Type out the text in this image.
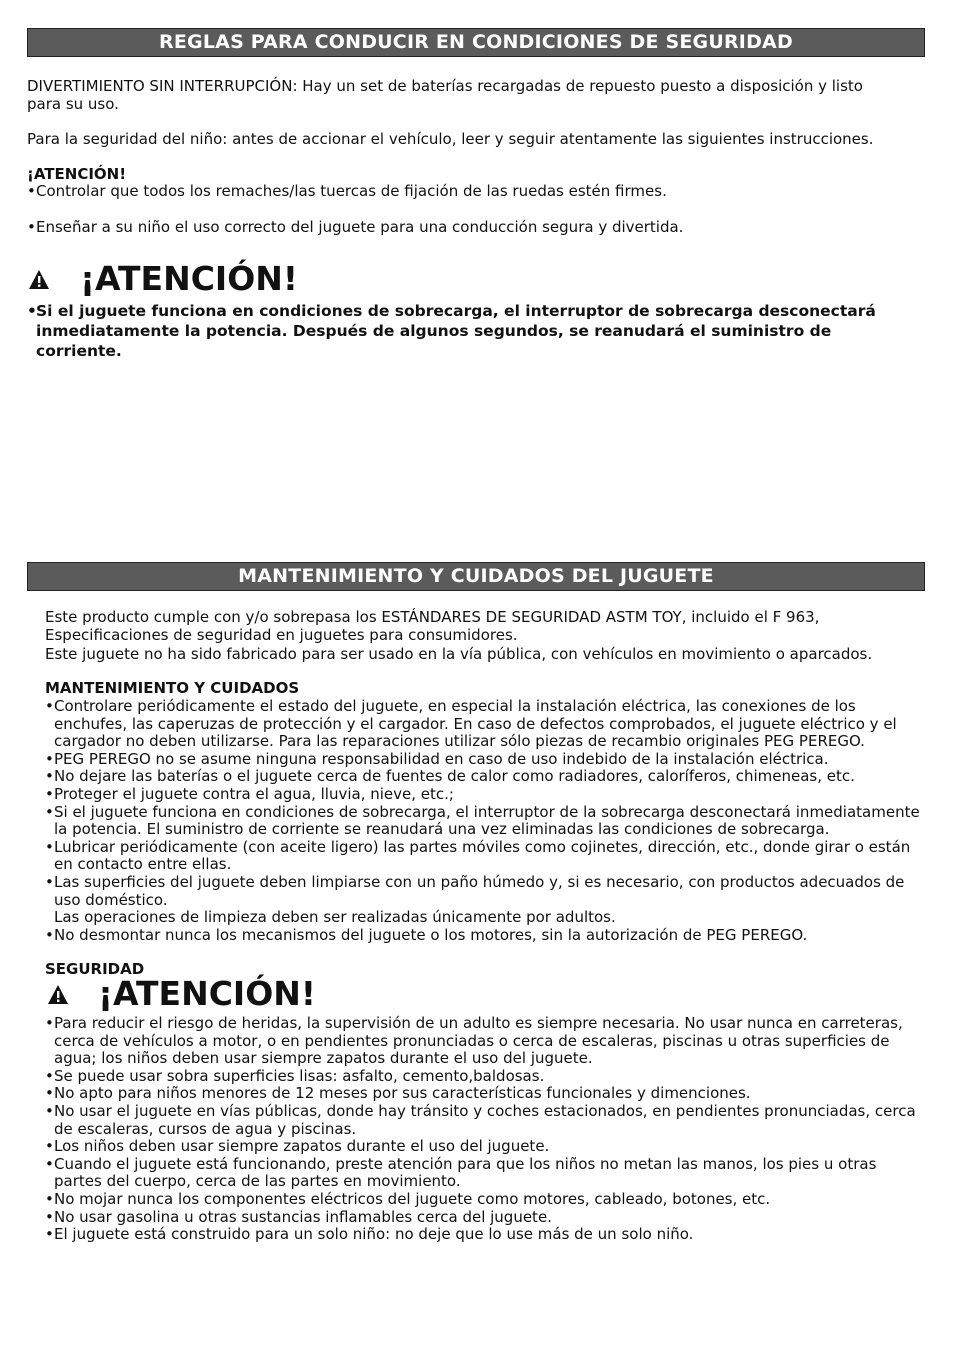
REGLAS PARA CONDUCIR EN CONDICIONES DE SEGURIDAD
DIVERTIMIENTO SIN INTERRUPCIÓN: Hay un set de baterías recargadas de repuesto puesto a disposición y listo
para su uso.
Para la seguridad del niño: antes de accionar el vehículo, leer y seguir atentamente las siguientes instrucciones.
¡ATENCIÓN!
• Controlar que todos los remaches/las tuercas de fijación de las ruedas estén firmes.
• Enseñar a su niño el uso correcto del juguete para una conducción segura y divertida.
¡ATENCIÓN!
• Si el juguete funciona en condiciones de sobrecarga, el interruptor de sobrecarga desconectará
inmediatamente la potencia. Después de algunos segundos, se reanudará el suministro de
corriente.
MANTENIMIENTO Y CUIDADOS DEL JUGUETE
Este producto cumple con y/o sobrepasa los ESTÁNDARES DE SEGURIDAD ASTM TOY, incluido el F 963,
Especificaciones de seguridad en juguetes para consumidores.
Este juguete no ha sido fabricado para ser usado en la vía pública, con vehículos en movimiento o aparcados.
MANTENIMIENTO Y CUIDADOS
• Controlare periódicamente el estado del juguete, en especial la instalación eléctrica, las conexiones de los
enchufes, las caperuzas de protección y el cargador. En caso de defectos comprobados, el juguete eléctrico y el
cargador no deben utilizarse. Para las reparaciones utilizar sólo piezas de recambio originales PEG PEREGO.
• PEG PEREGO no se asume ninguna responsabilidad en caso de uso indebido de la instalación eléctrica.
• No dejare las baterías o el juguete cerca de fuentes de calor como radiadores, caloríferos, chimeneas, etc.
• Proteger el juguete contra el agua, lluvia, nieve, etc.;
• Si el juguete funciona en condiciones de sobrecarga, el interruptor de la sobrecarga desconectará inmediatamente
la potencia. El suministro de corriente se reanudará una vez eliminadas las condiciones de sobrecarga.
• Lubricar periódicamente (con aceite ligero) las partes móviles como cojinetes, dirección, etc., donde girar o están
en contacto entre ellas.
• Las superficies del juguete deben limpiarse con un paño húmedo y, si es necesario, con productos adecuados de
uso doméstico.
Las operaciones de limpieza deben ser realizadas únicamente por adultos.
• No desmontar nunca los mecanismos del juguete o los motores, sin la autorización de PEG PEREGO.
SEGURIDAD
¡ATENCIÓN!
• Para reducir el riesgo de heridas, la supervisión de un adulto es siempre necesaria. No usar nunca en carreteras,
cerca de vehículos a motor, o en pendientes pronunciadas o cerca de escaleras, piscinas u otras superficies de
agua; los niños deben usar siempre zapatos durante el uso del juguete.
• Se puede usar sobra superficies lisas: asfalto, cemento,baldosas.
• No apto para niños menores de 12 meses por sus características funcionales y dimenciones.
• No usar el juguete en vías públicas, donde hay tránsito y coches estacionados, en pendientes pronunciadas, cerca
de escaleras, cursos de agua y piscinas.
• Los niños deben usar siempre zapatos durante el uso del juguete.
• Cuando el juguete está funcionando, preste atención para que los niños no metan las manos, los pies u otras
partes del cuerpo, cerca de las partes en movimiento.
• No mojar nunca los componentes eléctricos del juguete como motores, cableado, botones, etc.
• No usar gasolina u otras sustancias inflamables cerca del juguete.
• El juguete está construido para un solo niño: no deje que lo use más de un solo niño.
